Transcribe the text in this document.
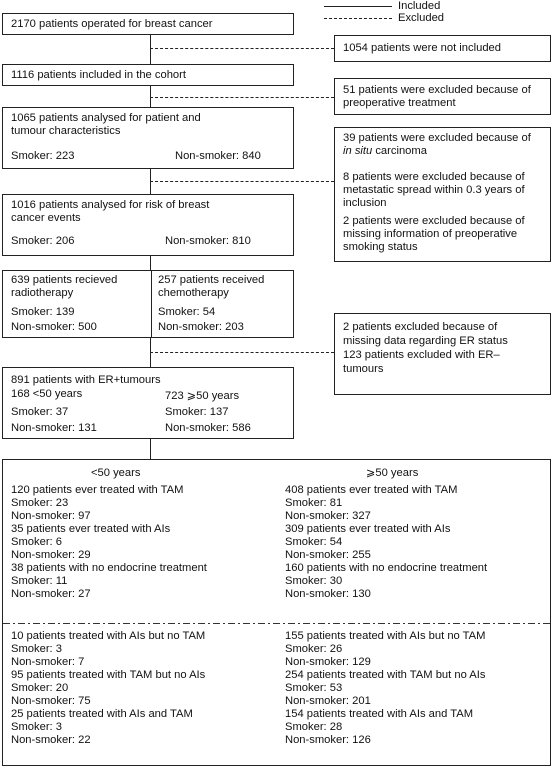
Included
Excluded
2170 patients operated for breast cancer
1116 patients included in the cohort
1065 patients analysed for patient and
tumour characteristics
Smoker: 223	Non-smoker: 840
1016 patients analysed for risk of breast
cancer events
Smoker: 206	Non-smoker: 810
639 patients recieved
radiotherapy
Smoker: 139
Non-smoker: 500
257 patients received
chemotherapy
Smoker: 54
Non-smoker: 203
891 patients with ER+tumours
168 <50 years
Smoker: 37
Non-smoker: 131
723 ⩾50 years
Smoker: 137
Non-smoker: 586
1054 patients were not included
51 patients were excluded because of
preoperative treatment
39 patients were excluded because of
in situ carcinoma
8 patients were excluded because of
metastatic spread within 0.3 years of
inclusion
2 patients were excluded because of
missing information of preoperative
smoking status
2 patients excluded because of
missing data regarding ER status
123 patients excluded with ER–
tumours
<50 years	⩾50 years
120 patients ever treated with TAM
Smoker: 23
Non-smoker: 97
35 patients ever treated with AIs
Smoker: 6
Non-smoker: 29
38 patients with no endocrine treatment
Smoker: 11
Non-smoker: 27
408 patients ever treated with TAM
Smoker: 81
Non-smoker: 327
309 patients ever treated with AIs
Smoker: 54
Non-smoker: 255
160 patients with no endocrine treatment
Smoker: 30
Non-smoker: 130
10 patients treated with AIs but no TAM
Smoker: 3
Non-smoker: 7
95 patients treated with TAM but no AIs
Smoker: 20
Non-smoker: 75
25 patients treated with AIs and TAM
Smoker: 3
Non-smoker: 22
155 patients treated with AIs but no TAM
Smoker: 26
Non-smoker: 129
254 patients treated with TAM but no AIs
Smoker: 53
Non-smoker: 201
154 patients treated with AIs and TAM
Smoker: 28
Non-smoker: 126
